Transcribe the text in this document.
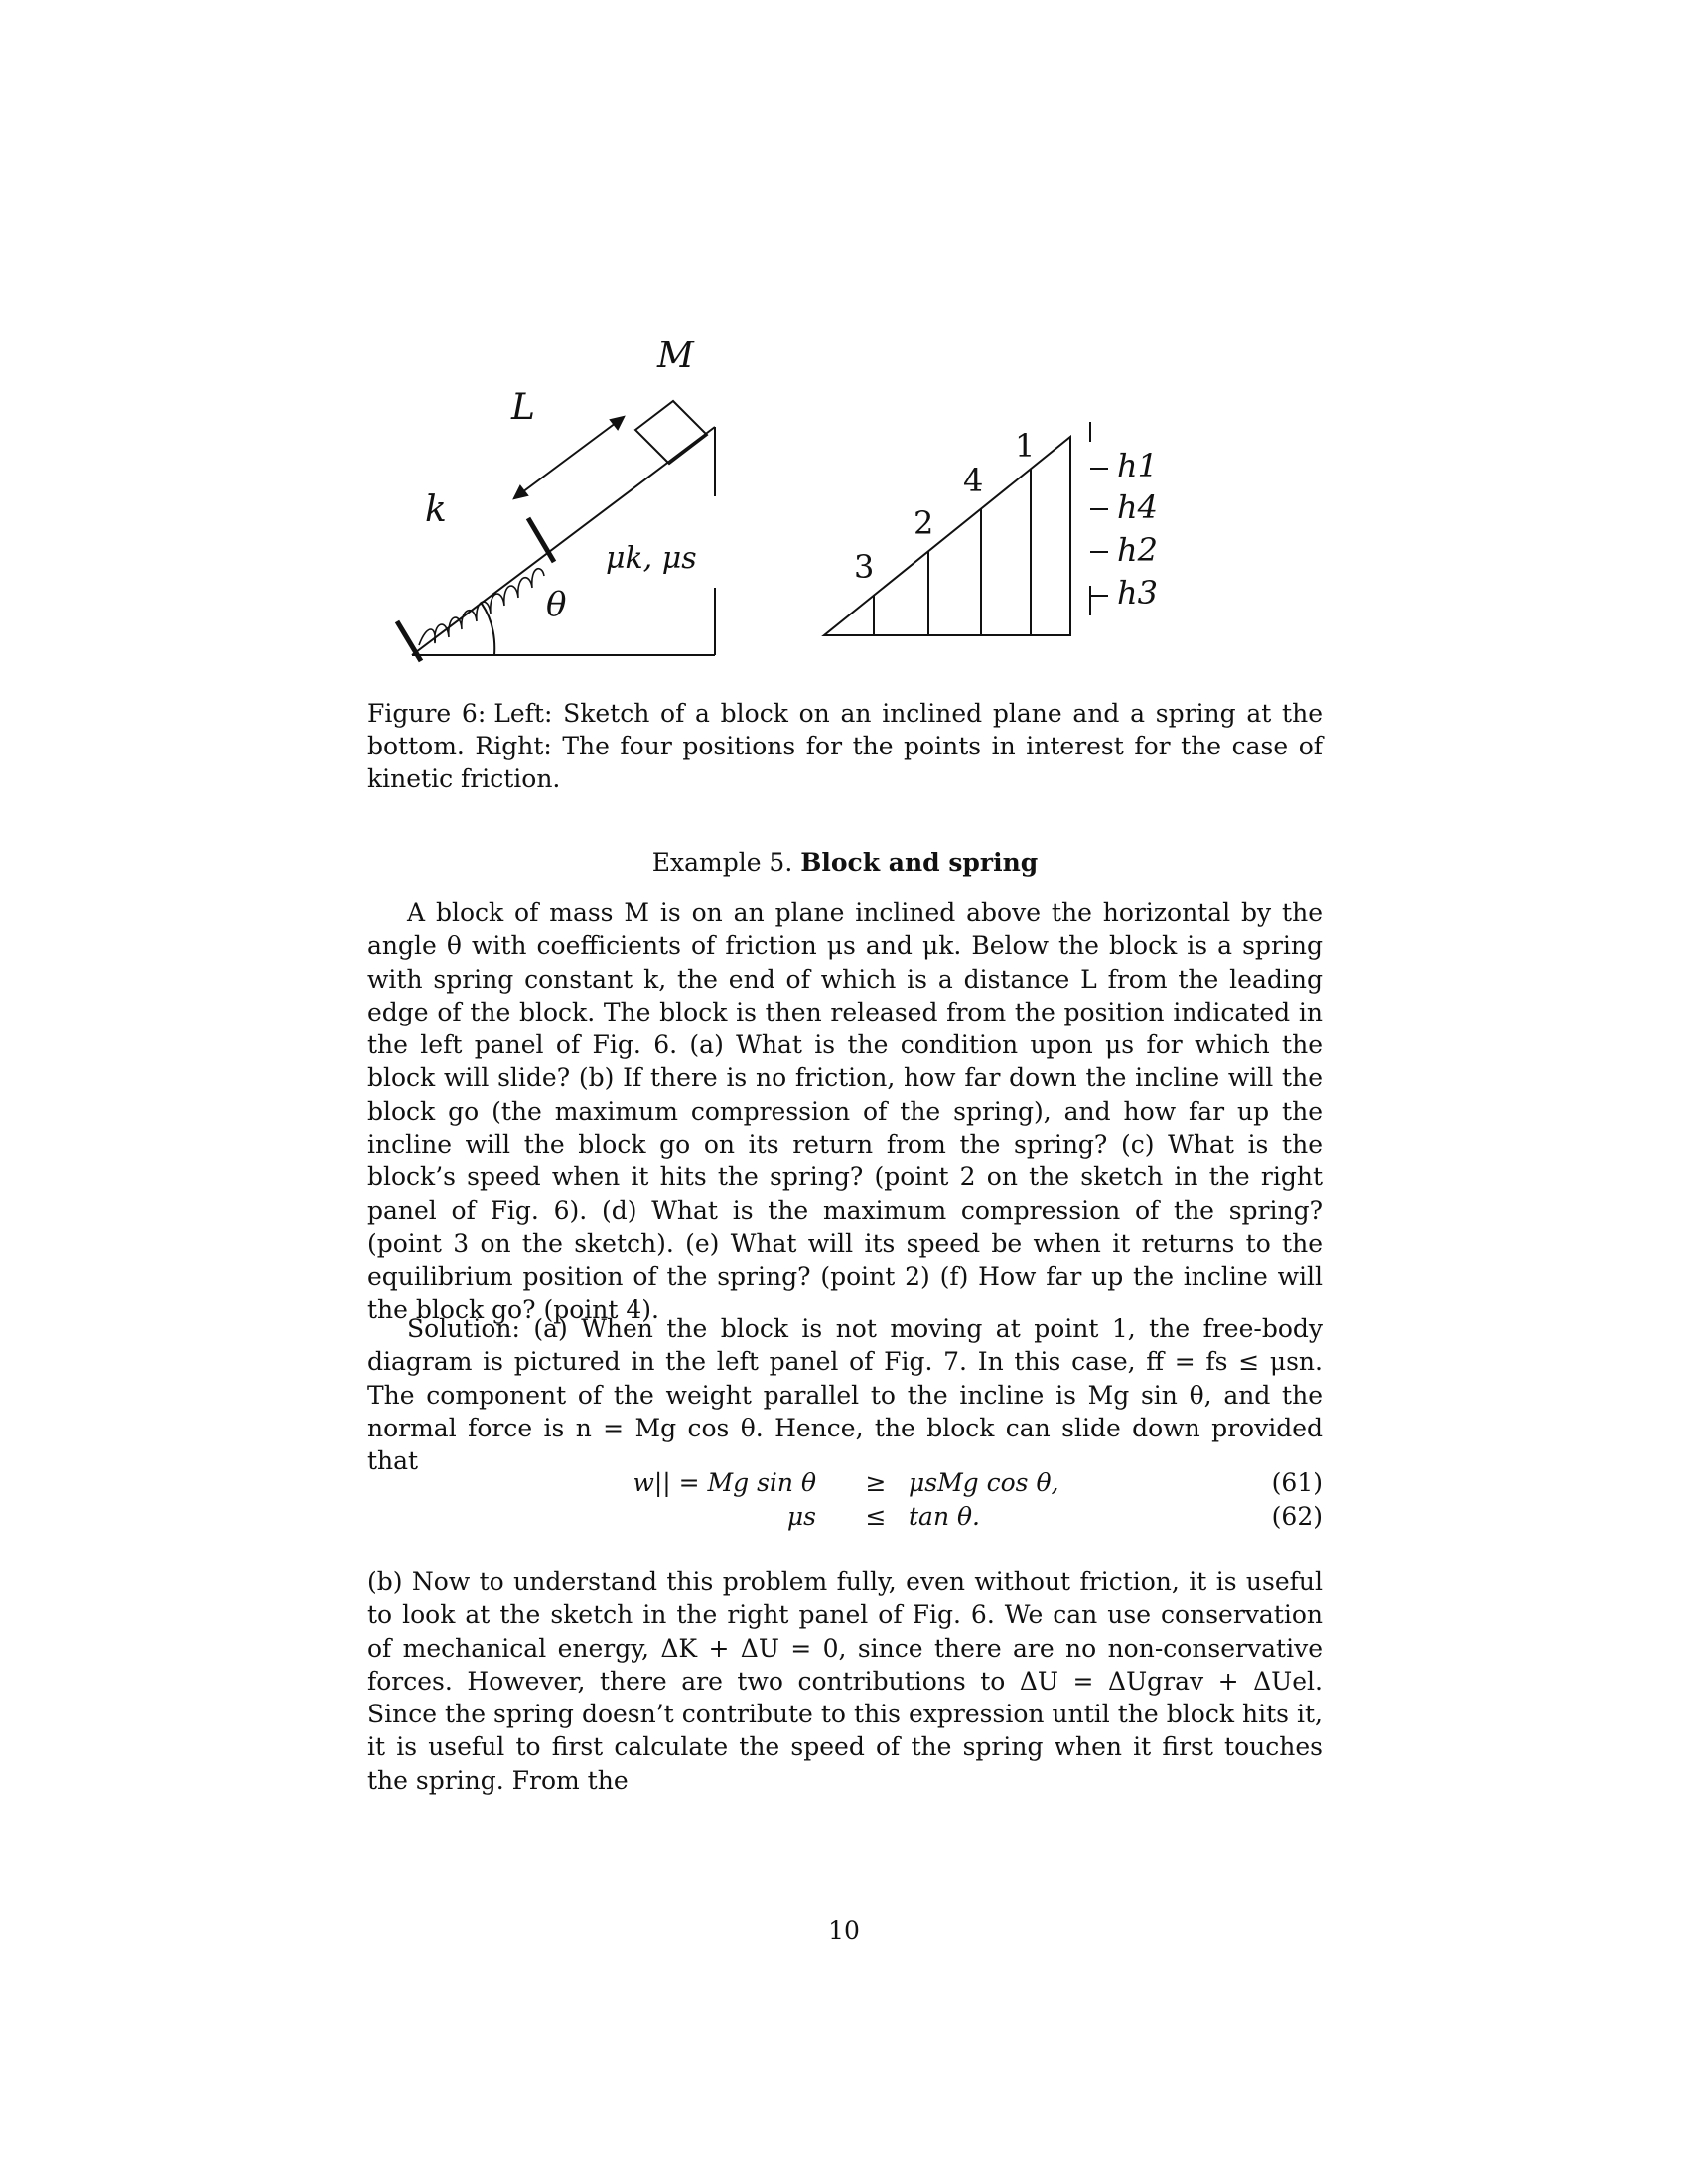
M
L
k
θ
μk, μs
1
4
2
3
h1
h4
h2
h3
Figure 6: Left: Sketch of a block on an inclined plane and a spring at the bottom. Right: The four positions for the points in interest for the case of kinetic friction.
Example 5. Block and spring

A block of mass M is on an plane inclined above the horizontal by the angle θ with coefficients of friction μs and μk. Below the block is a spring with spring constant k, the end of which is a distance L from the leading edge of the block. The block is then released from the position indicated in the left panel of Fig. 6. (a) What is the condition upon μs for which the block will slide? (b) If there is no friction, how far down the incline will the block go (the maximum compression of the spring), and how far up the incline will the block go on its return from the spring? (c) What is the block’s speed when it hits the spring? (point 2 on the sketch in the right panel of Fig. 6). (d) What is the maximum compression of the spring? (point 3 on the sketch). (e) What will its speed be when it returns to the equilibrium position of the spring? (point 2) (f) How far up the incline will the block go? (point 4).

Solution: (a) When the block is not moving at point 1, the free-body diagram is pictured in the left panel of Fig. 7. In this case, ff = fs ≤ μsn. The component of the weight parallel to the incline is Mg sin θ, and the normal force is n = Mg cos θ. Hence, the block can slide down provided that

w|| = Mg sin θ	≥ μsMg cos θ,	(61)
μs	≤ tan θ.	(62)

(b) Now to understand this problem fully, even without friction, it is useful to look at the sketch in the right panel of Fig. 6. We can use conservation of mechanical energy, ΔK + ΔU = 0, since there are no non-conservative forces. However, there are two contributions to ΔU = ΔUgrav + ΔUel. Since the spring doesn’t contribute to this expression until the block hits it, it is useful to first calculate the speed of the spring when it first touches the spring. From the

10
